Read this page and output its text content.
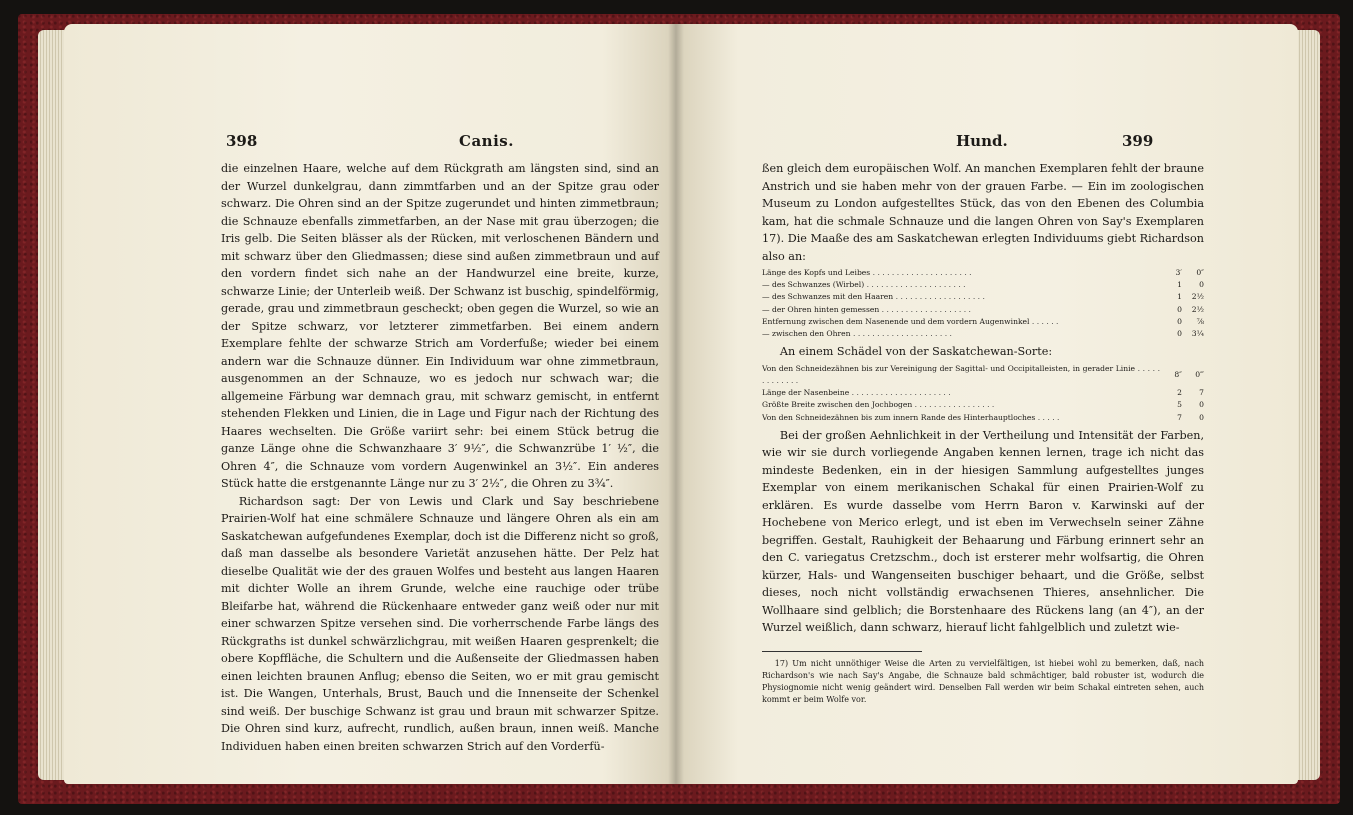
398	Canis.

die einzelnen Haare, welche auf dem Rückgrath am längsten sind, sind an der Wurzel dunkelgrau, dann zimmtfarben und an der Spitze grau oder schwarz. Die Ohren sind an der Spitze zugerundet und hinten zimmetbraun; die Schnauze ebenfalls zimmetfarben, an der Nase mit grau überzogen; die Iris gelb. Die Seiten blässer als der Rücken, mit verloschenen Bändern und mit schwarz über den Gliedmassen; diese sind außen zimmetbraun und auf den vordern findet sich nahe an der Handwurzel eine breite, kurze, schwarze Linie; der Unterleib weiß. Der Schwanz ist buschig, spindelförmig, gerade, grau und zimmetbraun gescheckt; oben gegen die Wurzel, so wie an der Spitze schwarz, vor letzterer zimmetfarben. Bei einem andern Exemplare fehlte der schwarze Strich am Vorderfuße; wieder bei einem andern war die Schnauze dünner. Ein Individuum war ohne zimmetbraun, ausgenommen an der Schnauze, wo es jedoch nur schwach war; die allgemeine Färbung war demnach grau, mit schwarz gemischt, in entfernt stehenden Flekken und Linien, die in Lage und Figur nach der Richtung des Haares wechselten. Die Größe variirt sehr: bei einem Stück betrug die ganze Länge ohne die Schwanzhaare 3′ 9½″, die Schwanzrübe 1′ ½″, die Ohren 4″, die Schnauze vom vordern Augenwinkel an 3½″. Ein anderes Stück hatte die erstgenannte Länge nur zu 3′ 2½″, die Ohren zu 3¾″.

Richardson sagt: Der von Lewis und Clark und Say beschriebene Prairien-Wolf hat eine schmälere Schnauze und längere Ohren als ein am Saskatchewan aufgefundenes Exemplar, doch ist die Differenz nicht so groß, daß man dasselbe als besondere Varietät anzusehen hätte. Der Pelz hat dieselbe Qualität wie der des grauen Wolfes und besteht aus langen Haaren mit dichter Wolle an ihrem Grunde, welche eine rauchige oder trübe Bleifarbe hat, während die Rückenhaare entweder ganz weiß oder nur mit einer schwarzen Spitze versehen sind. Die vorherrschende Farbe längs des Rückgraths ist dunkel schwärzlichgrau, mit weißen Haaren gesprenkelt; die obere Kopffläche, die Schultern und die Außenseite der Gliedmassen haben einen leichten braunen Anflug; ebenso die Seiten, wo er mit grau gemischt ist. Die Wangen, Unterhals, Brust, Bauch und die Innenseite der Schenkel sind weiß. Der buschige Schwanz ist grau und braun mit schwarzer Spitze. Die Ohren sind kurz, aufrecht, rundlich, außen braun, innen weiß. Manche Individuen haben einen breiten schwarzen Strich auf den Vorderfü-

Hund.	399

ßen gleich dem europäischen Wolf. An manchen Exemplaren fehlt der braune Anstrich und sie haben mehr von der grauen Farbe. — Ein im zoologischen Museum zu London aufgestelltes Stück, das von den Ebenen des Columbia kam, hat die schmale Schnauze und die langen Ohren von Say's Exemplaren 17). Die Maaße des am Saskatchewan erlegten Individuums giebt Richardson also an:

Länge des Kopfs und Leibes . . . . . . . . . . . . . . . . . . . . .	3′	0″
— des Schwanzes (Wirbel) . . . . . . . . . . . . . . . . . . . . .	1	0
— des Schwanzes mit den Haaren . . . . . . . . . . . . . . . . . . .	1	2½
— der Ohren hinten gemessen . . . . . . . . . . . . . . . . . . .	0	2½
Entfernung zwischen dem Nasenende und dem vordern Augenwinkel . . . . . .	0	⅞
— zwischen den Ohren . . . . . . . . . . . . . . . . . . . . .	0	3¼

An einem Schädel von der Saskatchewan-Sorte:

Von den Schneidezähnen bis zur Vereinigung der Sagittal- und Occipitalleisten, in gerader Linie . . . . . . . . . . . . .	8″	0‴
Länge der Nasenbeine . . . . . . . . . . . . . . . . . . . . .	2	7
Größte Breite zwischen den Jochbogen . . . . . . . . . . . . . . . . .	5	0
Von den Schneidezähnen bis zum innern Rande des Hinterhauptloches . . . . .	7	0

Bei der großen Aehnlichkeit in der Vertheilung und Intensität der Farben, wie wir sie durch vorliegende Angaben kennen lernen, trage ich nicht das mindeste Bedenken, ein in der hiesigen Sammlung aufgestelltes junges Exemplar von einem merikanischen Schakal für einen Prairien-Wolf zu erklären. Es wurde dasselbe vom Herrn Baron v. Karwinski auf der Hochebene von Merico erlegt, und ist eben im Verwechseln seiner Zähne begriffen. Gestalt, Rauhigkeit der Behaarung und Färbung erinnert sehr an den C. variegatus Cretzschm., doch ist ersterer mehr wolfsartig, die Ohren kürzer, Hals- und Wangenseiten buschiger behaart, und die Größe, selbst dieses, noch nicht vollständig erwachsenen Thieres, ansehnlicher. Die Wollhaare sind gelblich; die Borstenhaare des Rückens lang (an 4″), an der Wurzel weißlich, dann schwarz, hierauf licht fahlgelblich und zuletzt wie-

17) Um nicht unnöthiger Weise die Arten zu vervielfältigen, ist hiebei wohl zu bemerken, daß, nach Richardson's wie nach Say's Angabe, die Schnauze bald schmächtiger, bald robuster ist, wodurch die Physiognomie nicht wenig geändert wird. Denselben Fall werden wir beim Schakal eintreten sehen, auch kommt er beim Wolfe vor.
